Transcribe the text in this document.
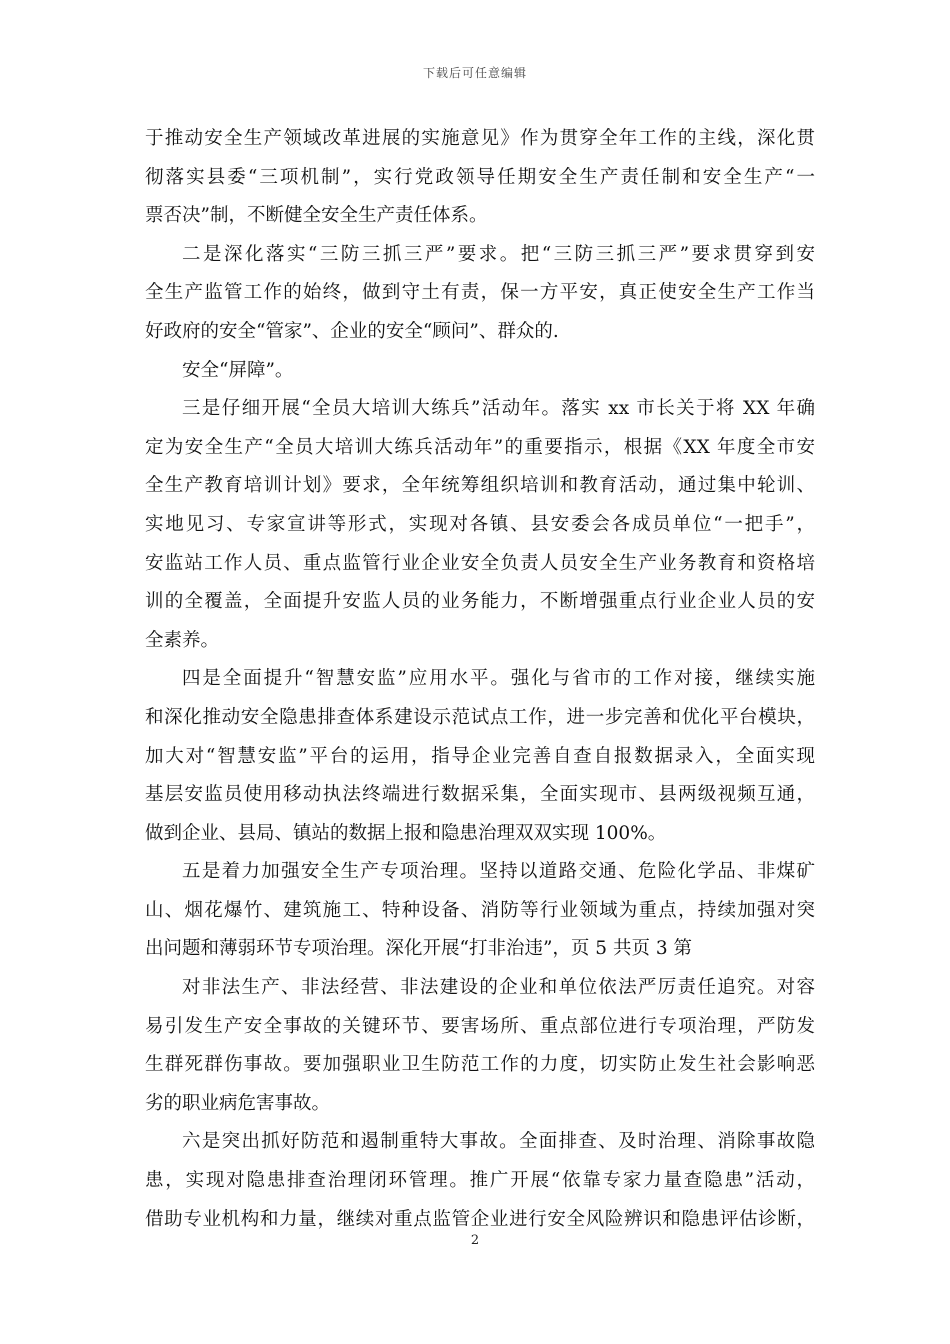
下载后可任意编辑
于推动安全生产领域改革进展的实施意见》作为贯穿全年工作的主线，深化贯
彻落实县委“三项机制”，实行党政领导任期安全生产责任制和安全生产“一
票否决”制，不断健全安全生产责任体系。
二是深化落实“三防三抓三严”要求。把“三防三抓三严”要求贯穿到安
全生产监管工作的始终，做到守土有责，保一方平安，真正使安全生产工作当
好政府的安全“管家”、企业的安全“顾问”、群众的.
安全“屏障”。
三是仔细开展“全员大培训大练兵”活动年。落实 xx 市长关于将 XX 年确
定为安全生产“全员大培训大练兵活动年”的重要指示，根据《XX 年度全市安
全生产教育培训计划》要求，全年统筹组织培训和教育活动，通过集中轮训、
实地见习、专家宣讲等形式，实现对各镇、县安委会各成员单位“一把手”，
安监站工作人员、重点监管行业企业安全负责人员安全生产业务教育和资格培
训的全覆盖，全面提升安监人员的业务能力，不断增强重点行业企业人员的安
全素养。
四是全面提升“智慧安监”应用水平。强化与省市的工作对接，继续实施
和深化推动安全隐患排查体系建设示范试点工作，进一步完善和优化平台模块，
加大对“智慧安监”平台的运用，指导企业完善自查自报数据录入，全面实现
基层安监员使用移动执法终端进行数据采集，全面实现市、县两级视频互通，
做到企业、县局、镇站的数据上报和隐患治理双双实现 100%。
五是着力加强安全生产专项治理。坚持以道路交通、危险化学品、非煤矿
山、烟花爆竹、建筑施工、特种设备、消防等行业领域为重点，持续加强对突
出问题和薄弱环节专项治理。深化开展“打非治违”，页 5 共页 3 第
对非法生产、非法经营、非法建设的企业和单位依法严厉责任追究。对容
易引发生产安全事故的关键环节、要害场所、重点部位进行专项治理，严防发
生群死群伤事故。要加强职业卫生防范工作的力度，切实防止发生社会影响恶
劣的职业病危害事故。
六是突出抓好防范和遏制重特大事故。全面排查、及时治理、消除事故隐
患，实现对隐患排查治理闭环管理。推广开展“依靠专家力量查隐患”活动，
借助专业机构和力量，继续对重点监管企业进行安全风险辨识和隐患评估诊断，
2
